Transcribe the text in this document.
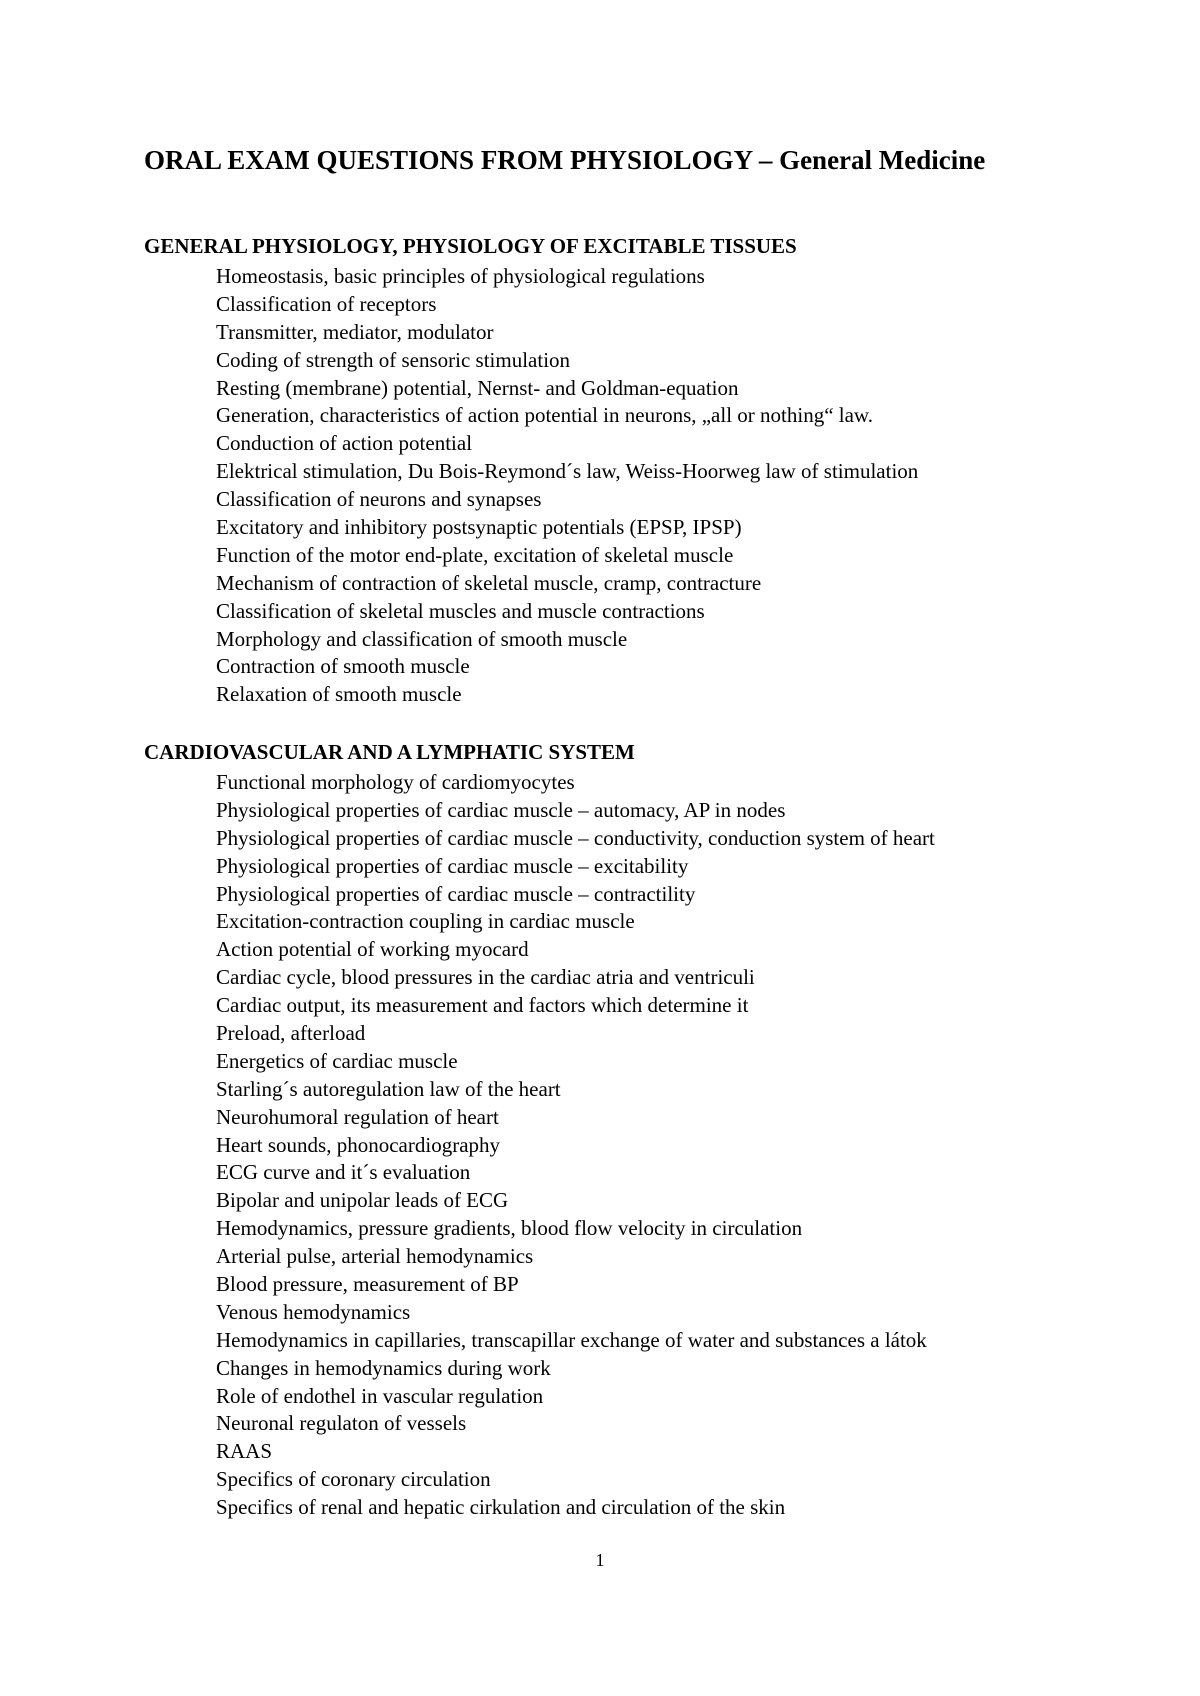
ORAL EXAM QUESTIONS FROM PHYSIOLOGY – General Medicine
GENERAL PHYSIOLOGY, PHYSIOLOGY OF EXCITABLE TISSUES
Homeostasis, basic principles of physiological regulations
Classification of receptors
Transmitter, mediator, modulator
Coding of strength of sensoric stimulation
Resting (membrane) potential, Nernst- and Goldman-equation
Generation, characteristics of action potential in neurons, „all or nothing“ law.
Conduction of action potential
Elektrical stimulation, Du Bois-Reymond´s law, Weiss-Hoorweg law of stimulation
Classification of neurons and synapses
Excitatory and inhibitory postsynaptic potentials (EPSP, IPSP)
Function of the motor end-plate, excitation of skeletal muscle
Mechanism of contraction of skeletal muscle, cramp, contracture
Classification of skeletal muscles and muscle contractions
Morphology and classification of smooth muscle
Contraction of smooth muscle
Relaxation of smooth muscle
CARDIOVASCULAR AND A LYMPHATIC SYSTEM
Functional morphology of cardiomyocytes
Physiological properties of cardiac muscle – automacy, AP in nodes
Physiological properties of cardiac muscle – conductivity, conduction system of heart
Physiological properties of cardiac muscle – excitability
Physiological properties of cardiac muscle – contractility
Excitation-contraction coupling in cardiac muscle
Action potential of working myocard
Cardiac cycle, blood pressures in the cardiac atria and ventriculi
Cardiac output, its measurement and factors which determine it
Preload, afterload
Energetics of cardiac muscle
Starling´s autoregulation law of the heart
Neurohumoral regulation of heart
Heart sounds, phonocardiography
ECG curve and it´s evaluation
Bipolar and unipolar leads of ECG
Hemodynamics, pressure gradients, blood flow velocity in circulation
Arterial pulse, arterial hemodynamics
Blood pressure, measurement of BP
Venous hemodynamics
Hemodynamics in capillaries, transcapillar exchange of water and substances a látok
Changes in hemodynamics during work
Role of endothel in vascular regulation
Neuronal regulaton of vessels
RAAS
Specifics of coronary circulation
Specifics of renal and hepatic cirkulation and circulation of the skin
1
